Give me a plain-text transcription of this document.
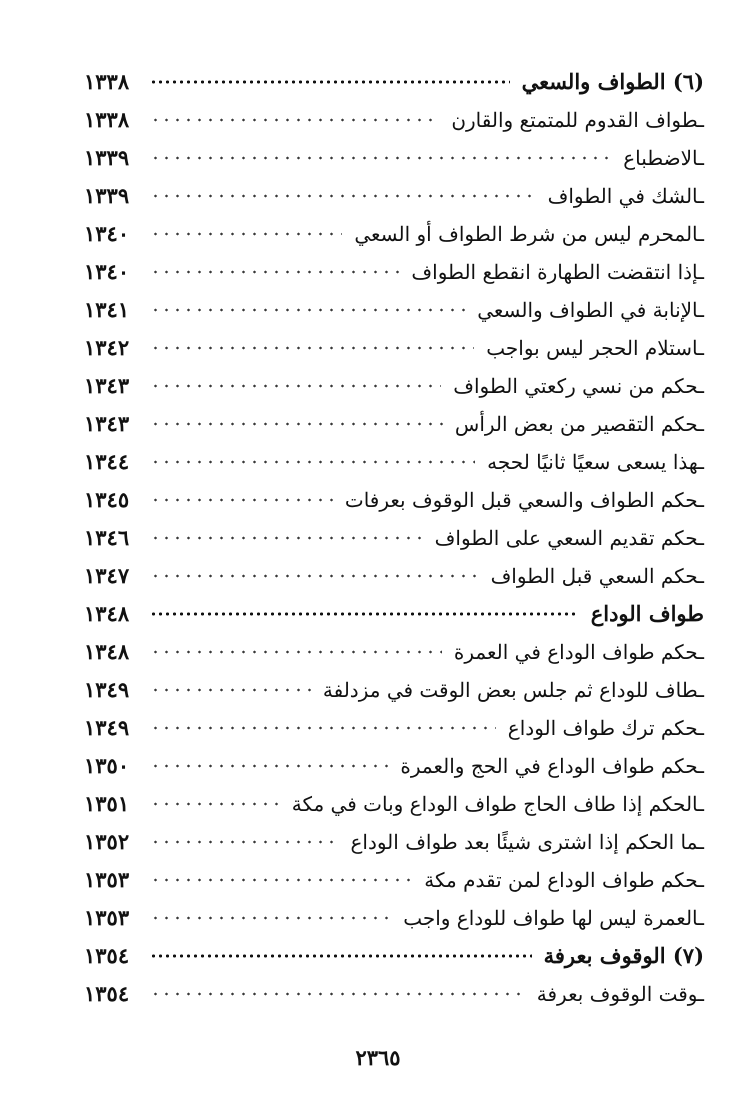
(٦) الطواف والسعي
١٣٣٨
ـطواف القدوم للمتمتع والقارن
١٣٣٨
ـالاضطباع
١٣٣٩
ـالشك في الطواف
١٣٣٩
ـالمحرم ليس من شرط الطواف أو السعي
١٣٤٠
ـإذا انتقضت الطهارة انقطع الطواف
١٣٤٠
ـالإنابة في الطواف والسعي
١٣٤١
ـاستلام الحجر ليس بواجب
١٣٤٢
ـحكم من نسي ركعتي الطواف
١٣٤٣
ـحكم التقصير من بعض الرأس
١٣٤٣
ـهذا يسعى سعيًا ثانيًا لحجه
١٣٤٤
ـحكم الطواف والسعي قبل الوقوف بعرفات
١٣٤٥
ـحكم تقديم السعي على الطواف
١٣٤٦
ـحكم السعي قبل الطواف
١٣٤٧
طواف الوداع
١٣٤٨
ـحكم طواف الوداع في العمرة
١٣٤٨
ـطاف للوداع ثم جلس بعض الوقت في مزدلفة
١٣٤٩
ـحكم ترك طواف الوداع
١٣٤٩
ـحكم طواف الوداع في الحج والعمرة
١٣٥٠
ـالحكم إذا طاف الحاج طواف الوداع وبات في مكة
١٣٥١
ـما الحكم إذا اشترى شيئًا بعد طواف الوداع
١٣٥٢
ـحكم طواف الوداع لمن تقدم مكة
١٣٥٣
ـالعمرة ليس لها طواف للوداع واجب
١٣٥٣
(٧) الوقوف بعرفة
١٣٥٤
ـوقت الوقوف بعرفة
١٣٥٤
٢٣٦٥
